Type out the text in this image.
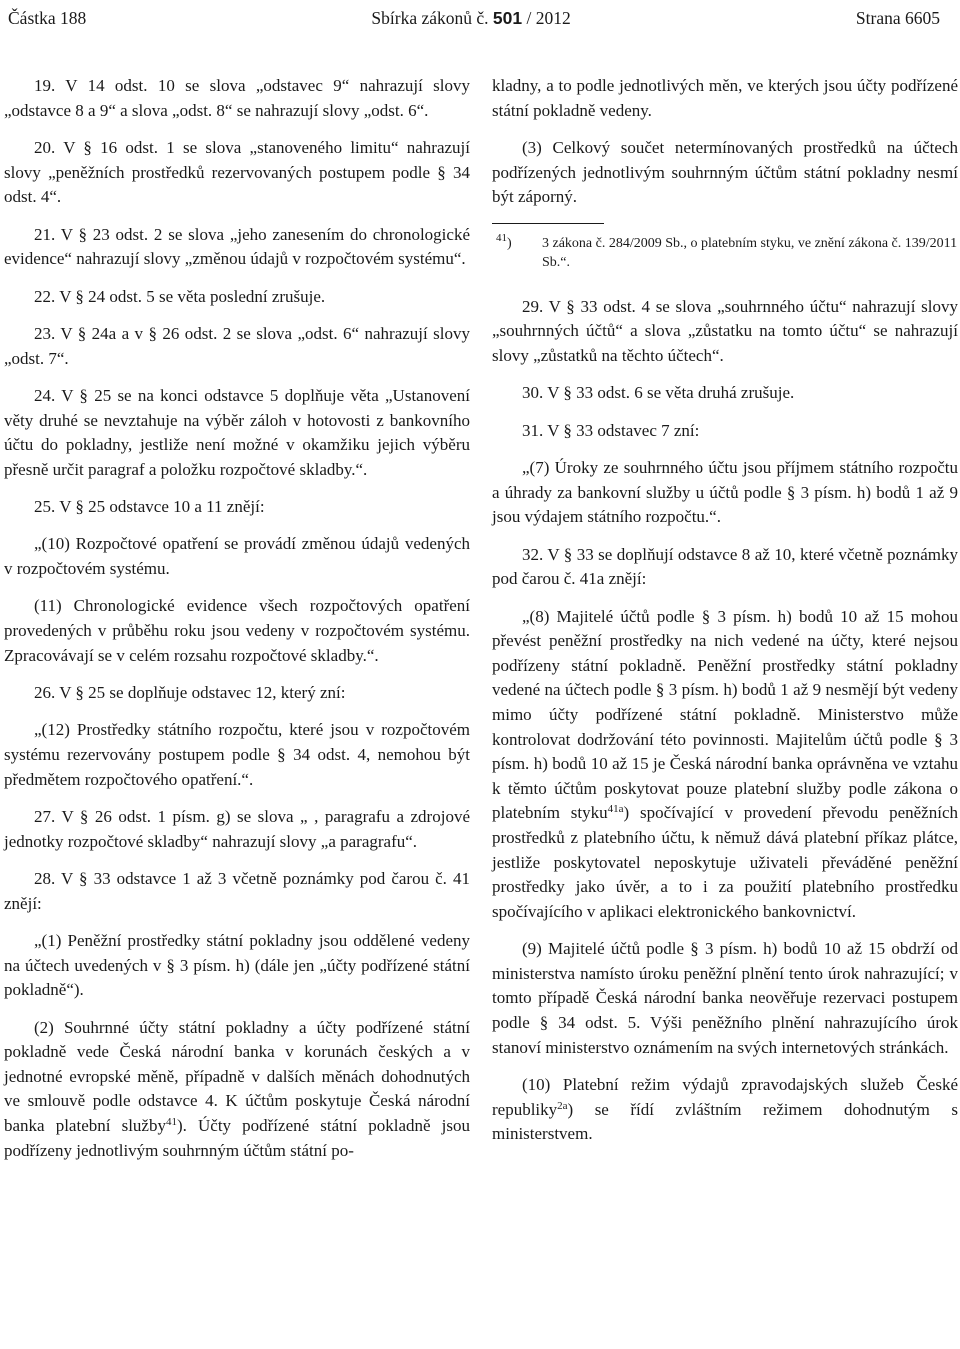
Částka 188	Sbírka zákonů č. 501 / 2012	Strana 6605

19. V 14 odst. 10 se slova „odstavec 9“ nahrazují slovy „odstavce 8 a 9“ a slova „odst. 8“ se nahrazují slovy „odst. 6“.

20. V § 16 odst. 1 se slova „stanoveného limitu“ nahrazují slovy „peněžních prostředků rezervovaných postupem podle § 34 odst. 4“.

21. V § 23 odst. 2 se slova „jeho zanesením do chronologické evidence“ nahrazují slovy „změnou údajů v rozpočtovém systému“.

22. V § 24 odst. 5 se věta poslední zrušuje.

23. V § 24a a v § 26 odst. 2 se slova „odst. 6“ nahrazují slovy „odst. 7“.

24. V § 25 se na konci odstavce 5 doplňuje věta „Ustanovení věty druhé se nevztahuje na výběr záloh v hotovosti z bankovního účtu do pokladny, jestliže není možné v okamžiku jejich výběru přesně určit paragraf a položku rozpočtové skladby.“.

25. V § 25 odstavce 10 a 11 znějí:

„(10) Rozpočtové opatření se provádí změnou údajů vedených v rozpočtovém systému.

(11) Chronologické evidence všech rozpočtových opatření provedených v průběhu roku jsou vedeny v rozpočtovém systému. Zpracovávají se v celém rozsahu rozpočtové skladby.“.

26. V § 25 se doplňuje odstavec 12, který zní:

„(12) Prostředky státního rozpočtu, které jsou v rozpočtovém systému rezervovány postupem podle § 34 odst. 4, nemohou být předmětem rozpočtového opatření.“.

27. V § 26 odst. 1 písm. g) se slova „ , paragrafu a zdrojové jednotky rozpočtové skladby“ nahrazují slovy „a paragrafu“.

28. V § 33 odstavce 1 až 3 včetně poznámky pod čarou č. 41 znějí:

„(1) Peněžní prostředky státní pokladny jsou oddělené vedeny na účtech uvedených v § 3 písm. h) (dále jen „účty podřízené státní pokladně“).

(2) Souhrnné účty státní pokladny a účty podřízené státní pokladně vede Česká národní banka v korunách českých a v jednotné evropské měně, případně v dalších měnách dohodnutých ve smlouvě podle odstavce 4. K účtům poskytuje Česká národní banka platební služby$^{41}$). Účty podřízené státní pokladně jsou podřízeny jednotlivým souhrnným účtům státní po-

kladny, a to podle jednotlivých měn, ve kterých jsou účty podřízené státní pokladně vedeny.

(3) Celkový součet netermínovaných prostředků na účtech podřízených jednotlivým souhrnným účtům státní pokladny nesmí být záporný.

$^{41}$)	3 zákona č. 284/2009 Sb., o platebním styku, ve znění zákona č. 139/2011 Sb.“.

29. V § 33 odst. 4 se slova „souhrnného účtu“ nahrazují slovy „souhrnných účtů“ a slova „zůstatku na tomto účtu“ se nahrazují slovy „zůstatků na těchto účtech“.

30. V § 33 odst. 6 se věta druhá zrušuje.

31. V § 33 odstavec 7 zní:

„(7) Úroky ze souhrnného účtu jsou příjmem státního rozpočtu a úhrady za bankovní služby u účtů podle § 3 písm. h) bodů 1 až 9 jsou výdajem státního rozpočtu.“.

32. V § 33 se doplňují odstavce 8 až 10, které včetně poznámky pod čarou č. 41a znějí:

„(8) Majitelé účtů podle § 3 písm. h) bodů 10 až 15 mohou převést peněžní prostředky na nich vedené na účty, které nejsou podřízeny státní pokladně. Peněžní prostředky státní pokladny vedené na účtech podle § 3 písm. h) bodů 1 až 9 nesmějí být vedeny mimo účty podřízené státní pokladně. Ministerstvo může kontrolovat dodržování této povinnosti. Majitelům účtů podle § 3 písm. h) bodů 10 až 15 je Česká národní banka oprávněna ve vztahu k těmto účtům poskytovat pouze platební služby podle zákona o platebním styku$^{41a}$) spočívající v provedení převodu peněžních prostředků z platebního účtu, k němuž dává platební příkaz plátce, jestliže poskytovatel neposkytuje uživateli převáděné peněžní prostředky jako úvěr, a to i za použití platebního prostředku spočívajícího v aplikaci elektronického bankovnictví.

(9) Majitelé účtů podle § 3 písm. h) bodů 10 až 15 obdrží od ministerstva namísto úroku peněžní plnění tento úrok nahrazující; v tomto případě Česká národní banka neověřuje rezervaci postupem podle § 34 odst. 5. Výši peněžního plnění nahrazujícího úrok stanoví ministerstvo oznámením na svých internetových stránkách.

(10) Platební režim výdajů zpravodajských služeb České republiky$^{2a}$) se řídí zvláštním režimem dohodnutým s ministerstvem.
